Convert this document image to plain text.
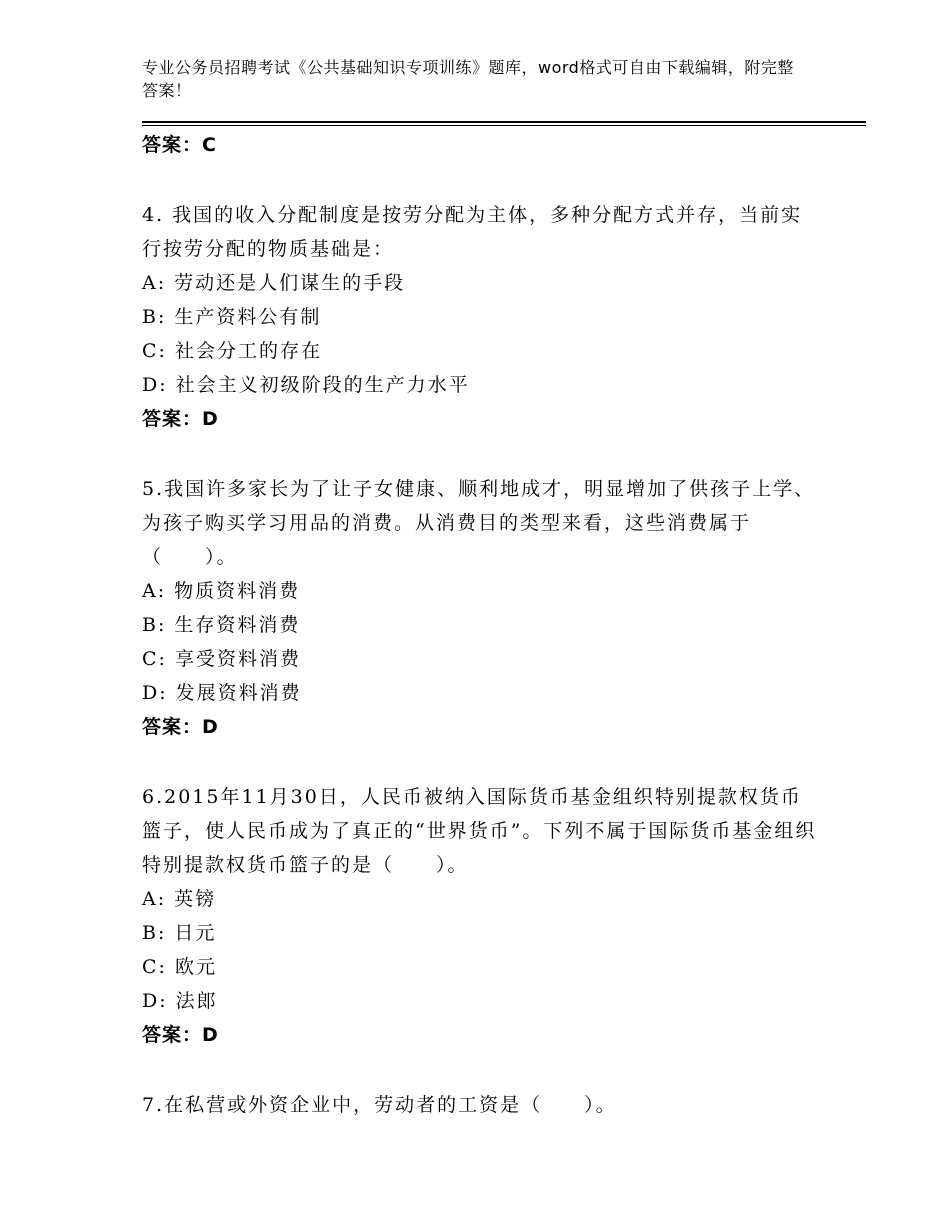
专业公务员招聘考试《公共基础知识专项训练》题库，word格式可自由下载编辑，附完整答案！
答案：C
4. 我国的收入分配制度是按劳分配为主体，多种分配方式并存，当前实行按劳分配的物质基础是：
A: 劳动还是人们谋生的手段
B: 生产资料公有制
C: 社会分工的存在
D: 社会主义初级阶段的生产力水平
答案：D
5.我国许多家长为了让子女健康、顺利地成才，明显增加了供孩子上学、为孩子购买学习用品的消费。从消费目的类型来看，这些消费属于（　　）。
A: 物质资料消费
B: 生存资料消费
C: 享受资料消费
D: 发展资料消费
答案：D
6.2015年11月30日，人民币被纳入国际货币基金组织特别提款权货币篮子，使人民币成为了真正的“世界货币”。下列不属于国际货币基金组织特别提款权货币篮子的是（　　）。
A: 英镑
B: 日元
C: 欧元
D: 法郎
答案：D
7.在私营或外资企业中，劳动者的工资是（　　）。
